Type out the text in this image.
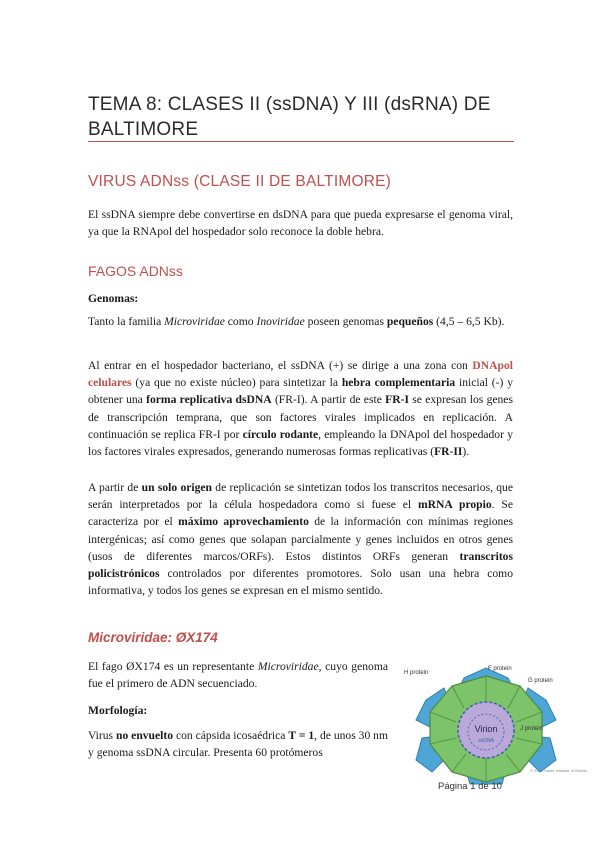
TEMA 8: CLASES II (ssDNA) Y III (dsRNA) DE BALTIMORE
VIRUS ADNss (CLASE II DE BALTIMORE)

El ssDNA siempre debe convertirse en dsDNA para que pueda expresarse el genoma viral, ya que la RNApol del hospedador solo reconoce la doble hebra.

FAGOS ADNss

Genomas:

Tanto la familia Microviridae como Inoviridae poseen genomas pequeños (4,5 – 6,5 Kb).

Al entrar en el hospedador bacteriano, el ssDNA (+) se dirige a una zona con DNApol celulares (ya que no existe núcleo) para sintetizar la hebra complementaria inicial (-) y obtener una forma replicativa dsDNA (FR-I). A partir de este FR-I se expresan los genes de transcripción temprana, que son factores virales implicados en replicación. A continuación se replica FR-I por círculo rodante, empleando la DNApol del hospedador y los factores virales expresados, generando numerosas formas replicativas (FR-II).

A partir de un solo origen de replicación se sintetizan todos los transcritos necesarios, que serán interpretados por la célula hospedadora como si fuese el mRNA propio. Se caracteriza por el máximo aprovechamiento de la información con mínimas regiones intergénicas; así como genes que solapan parcialmente y genes incluidos en otros genes (usos de diferentes marcos/ORFs). Estos distintos ORFs generan transcritos policistrónicos controlados por diferentes promotores. Solo usan una hebra como informativa, y todos los genes se expresan en el mismo sentido.

Microviridae: ØX174

El fago ØX174 es un representante Microviridae, cuyo genoma fue el primero de ADN secuenciado.

Morfología:

Virus no envuelto con cápsida icosaédrica T = 1, de unos 30 nm y genoma ssDNA circular. Presenta 60 protómeros

Virion
ssDNA
H protein
F protein
G protein
J protein
© 2010 Swiss Institute of Bioinfo
Página 1 de 10
